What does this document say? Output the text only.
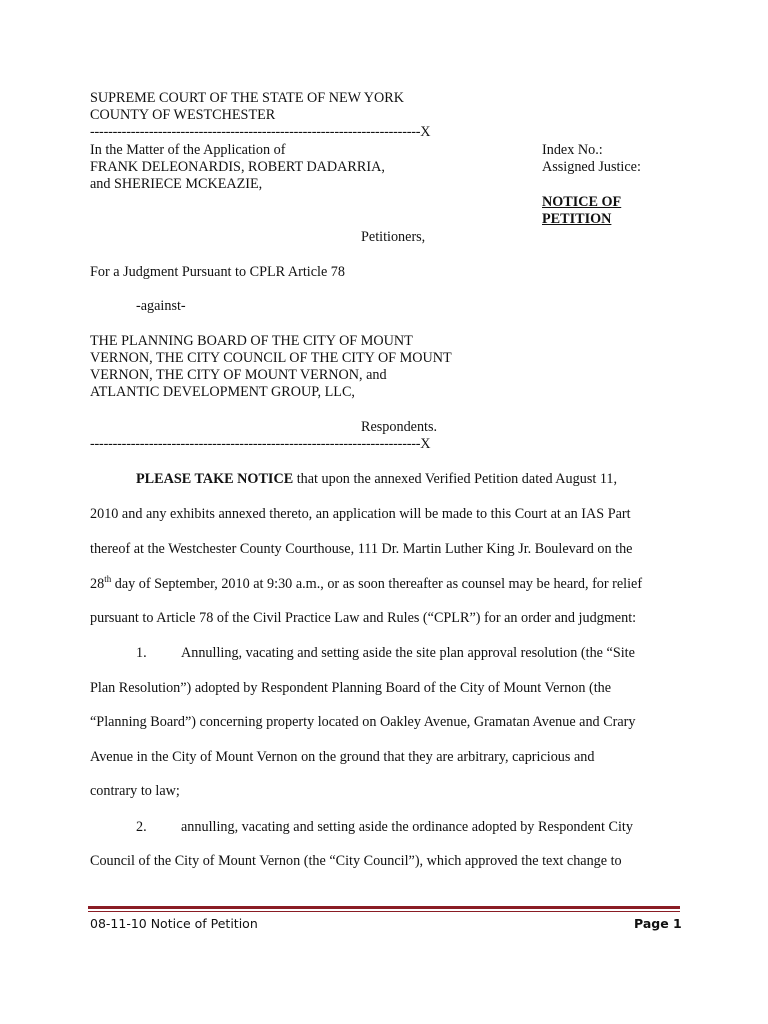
SUPREME COURT OF THE STATE OF NEW YORK
COUNTY OF WESTCHESTER
-------------------------------------------------------------------------X
In the Matter of the Application of
FRANK DELEONARDIS, ROBERT DADARRIA,
and SHERIECE MCKEAZIE,
Index No.:
Assigned Justice:
NOTICE OF
PETITION
Petitioners,
For a Judgment Pursuant to CPLR Article 78
-against-
THE PLANNING BOARD OF THE CITY OF MOUNT
VERNON, THE CITY COUNCIL OF THE CITY OF MOUNT
VERNON, THE CITY OF MOUNT VERNON, and
ATLANTIC DEVELOPMENT GROUP, LLC,
Respondents.
-------------------------------------------------------------------------X
PLEASE TAKE NOTICE that upon the annexed Verified Petition dated August 11,
2010 and any exhibits annexed thereto, an application will be made to this Court at an IAS Part
thereof at the Westchester County Courthouse, 111 Dr. Martin Luther King Jr. Boulevard on the
28th day of September, 2010 at 9:30 a.m., or as soon thereafter as counsel may be heard, for relief
pursuant to Article 78 of the Civil Practice Law and Rules (“CPLR”) for an order and judgment:
1. Annulling, vacating and setting aside the site plan approval resolution (the “Site
Plan Resolution”) adopted by Respondent Planning Board of the City of Mount Vernon (the
“Planning Board”) concerning property located on Oakley Avenue, Gramatan Avenue and Crary
Avenue in the City of Mount Vernon on the ground that they are arbitrary, capricious and
contrary to law;
2. annulling, vacating and setting aside the ordinance adopted by Respondent City
Council of the City of Mount Vernon (the “City Council”), which approved the text change to
08-11-10 Notice of Petition	Page 1
